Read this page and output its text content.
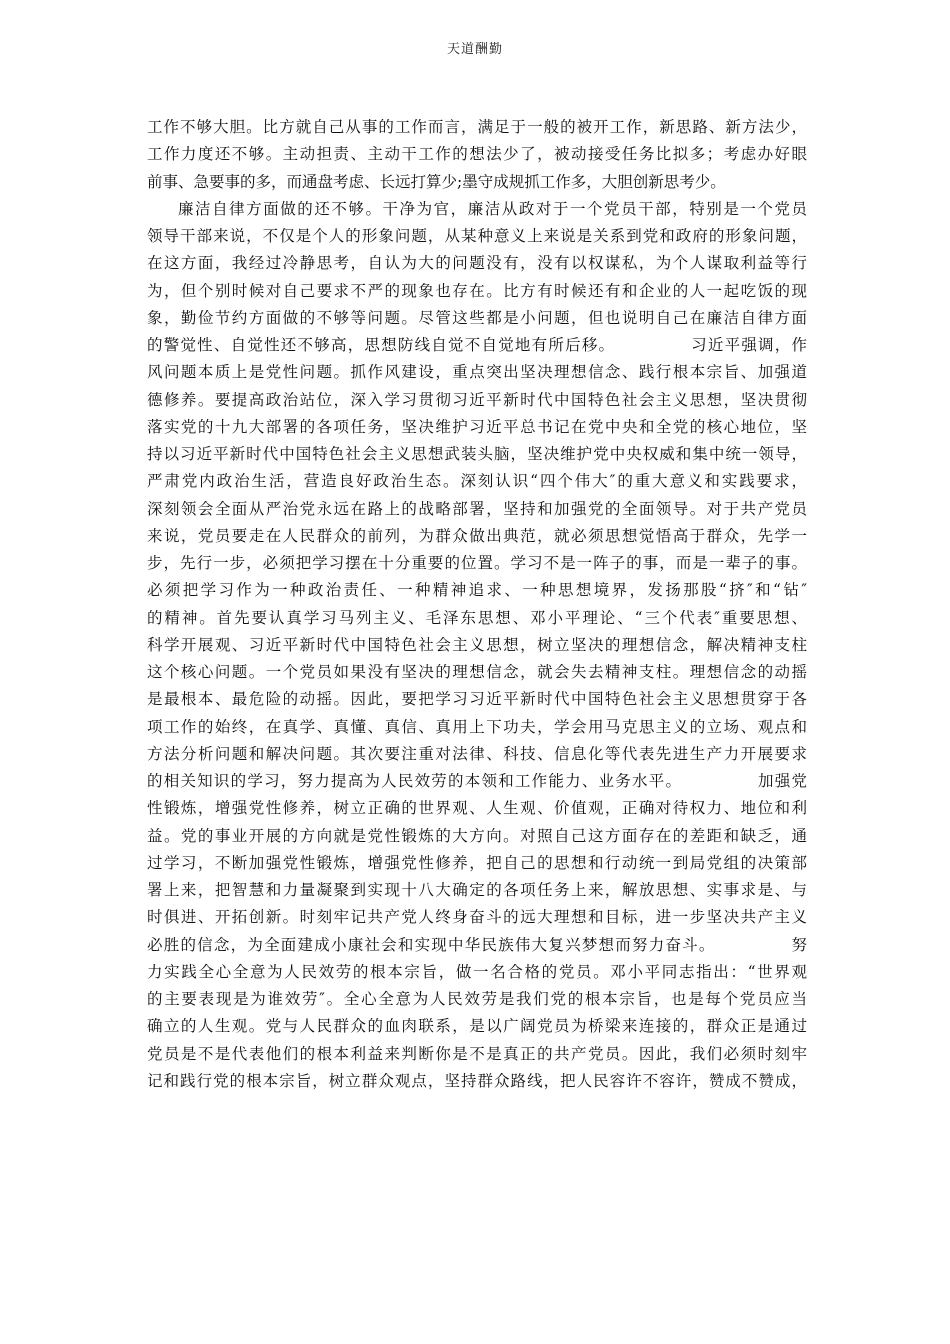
天道酬勤
工作不够大胆。比方就自己从事的工作而言，满足于一般的被开工作，新思路、新方法少，
工作力度还不够。主动担责、主动干工作的想法少了，被动接受任务比拟多；考虑办好眼
前事、急要事的多，而通盘考虑、长远打算少;墨守成规抓工作多，大胆创新思考少。
廉洁自律方面做的还不够。干净为官，廉洁从政对于一个党员干部，特别是一个党员
领导干部来说，不仅是个人的形象问题，从某种意义上来说是关系到党和政府的形象问题，
在这方面，我经过冷静思考，自认为大的问题没有，没有以权谋私，为个人谋取利益等行
为，但个别时候对自己要求不严的现象也存在。比方有时候还有和企业的人一起吃饭的现
象，勤俭节约方面做的不够等问题。尽管这些都是小问题，但也说明自己在廉洁自律方面
的警觉性、自觉性还不够高，思想防线自觉不自觉地有所后移。　　　　　习近平强调，作
风问题本质上是党性问题。抓作风建设，重点突出坚决理想信念、践行根本宗旨、加强道
德修养。要提高政治站位，深入学习贯彻习近平新时代中国特色社会主义思想，坚决贯彻
落实党的十九大部署的各项任务，坚决维护习近平总书记在党中央和全党的核心地位，坚
持以习近平新时代中国特色社会主义思想武装头脑，坚决维护党中央权威和集中统一领导，
严肃党内政治生活，营造良好政治生态。深刻认识“四个伟大″的重大意义和实践要求，
深刻领会全面从严治党永远在路上的战略部署，坚持和加强党的全面领导。对于共产党员
来说，党员要走在人民群众的前列，为群众做出典范，就必须思想觉悟高于群众，先学一
步，先行一步，必须把学习摆在十分重要的位置。学习不是一阵子的事，而是一辈子的事。
必须把学习作为一种政治责任、一种精神追求、一种思想境界，发扬那股“挤″和“钻″
的精神。首先要认真学习马列主义、毛泽东思想、邓小平理论、“三个代表″重要思想、
科学开展观、习近平新时代中国特色社会主义思想，树立坚决的理想信念，解决精神支柱
这个核心问题。一个党员如果没有坚决的理想信念，就会失去精神支柱。理想信念的动摇
是最根本、最危险的动摇。因此，要把学习习近平新时代中国特色社会主义思想贯穿于各
项工作的始终，在真学、真懂、真信、真用上下功夫，学会用马克思主义的立场、观点和
方法分析问题和解决问题。其次要注重对法律、科技、信息化等代表先进生产力开展要求
的相关知识的学习，努力提高为人民效劳的本领和工作能力、业务水平。　　　　　加强党
性锻炼，增强党性修养，树立正确的世界观、人生观、价值观，正确对待权力、地位和利
益。党的事业开展的方向就是党性锻炼的大方向。对照自己这方面存在的差距和缺乏，通
过学习，不断加强党性锻炼，增强党性修养，把自己的思想和行动统一到局党组的决策部
署上来，把智慧和力量凝聚到实现十八大确定的各项任务上来，解放思想、实事求是、与
时俱进、开拓创新。时刻牢记共产党人终身奋斗的远大理想和目标，进一步坚决共产主义
必胜的信念，为全面建成小康社会和实现中华民族伟大复兴梦想而努力奋斗。　　　　　努
力实践全心全意为人民效劳的根本宗旨，做一名合格的党员。邓小平同志指出：“世界观
的主要表现是为谁效劳″。全心全意为人民效劳是我们党的根本宗旨，也是每个党员应当
确立的人生观。党与人民群众的血肉联系，是以广阔党员为桥梁来连接的，群众正是通过
党员是不是代表他们的根本利益来判断你是不是真正的共产党员。因此，我们必须时刻牢
记和践行党的根本宗旨，树立群众观点，坚持群众路线，把人民容许不容许，赞成不赞成，
